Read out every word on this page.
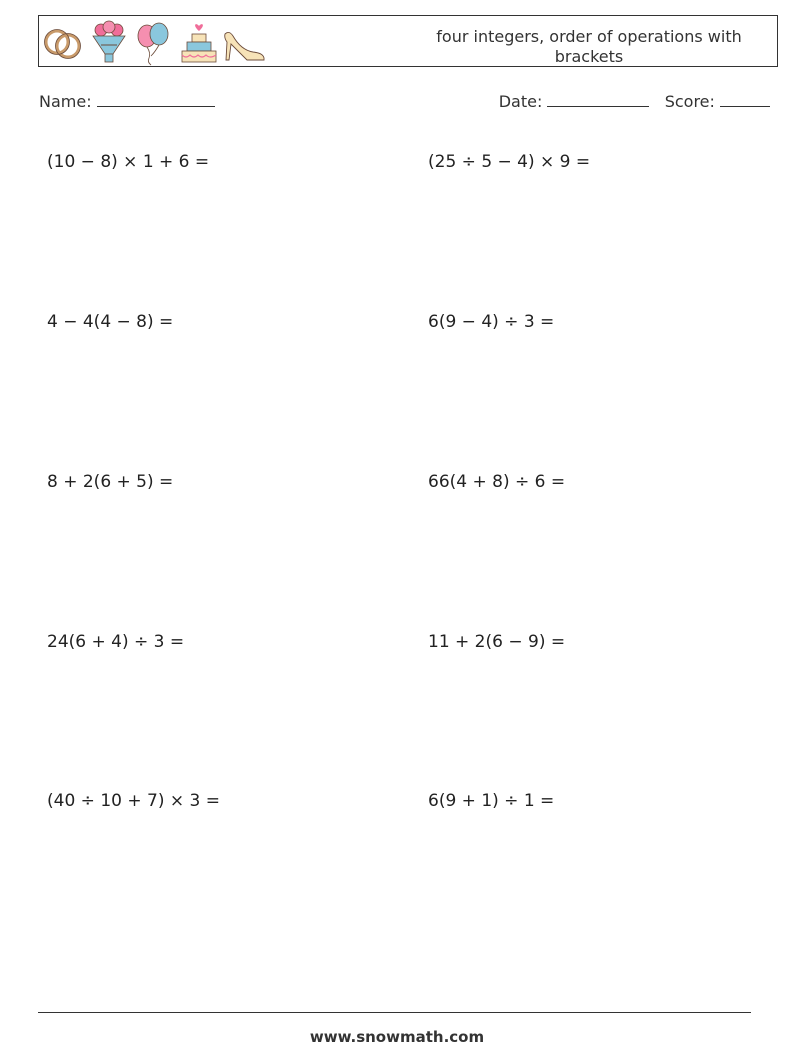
four integers, order of operations with brackets
Name:	Date:	Score:
(10 − 8) × 1 + 6 =	(25 ÷ 5 − 4) × 9 =
4 − 4(4 − 8) =	6(9 − 4) ÷ 3 =
8 + 2(6 + 5) =	66(4 + 8) ÷ 6 =
24(6 + 4) ÷ 3 =	11 + 2(6 − 9) =
(40 ÷ 10 + 7) × 3 =	6(9 + 1) ÷ 1 =
www.snowmath.com
